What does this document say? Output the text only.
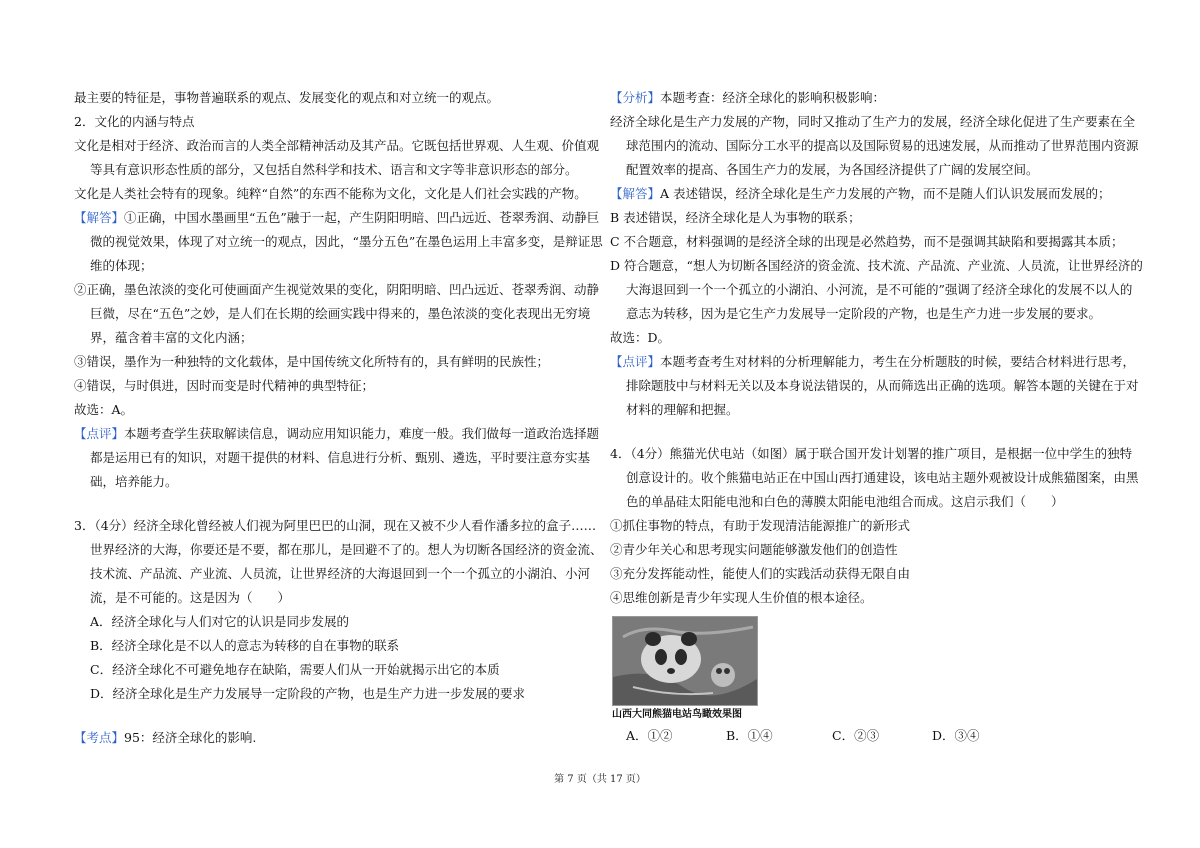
最主要的特征是，事物普遍联系的观点、发展变化的观点和对立统一的观点。
2．文化的内涵与特点
文化是相对于经济、政治而言的人类全部精神活动及其产品。它既包括世界观、人生观、价值观
等具有意识形态性质的部分，又包括自然科学和技术、语言和文字等非意识形态的部分。
文化是人类社会特有的现象。纯粹“自然”的东西不能称为文化，文化是人们社会实践的产物。
【解答】①正确，中国水墨画里“五色”融于一起，产生阴阳明暗、凹凸远近、苍翠秀润、动静巨
微的视觉效果，体现了对立统一的观点，因此，“墨分五色”在墨色运用上丰富多变，是辩证思
维的体现；
②正确，墨色浓淡的变化可使画面产生视觉效果的变化，阴阳明暗、凹凸远近、苍翠秀润、动静
巨微，尽在“五色”之妙，是人们在长期的绘画实践中得来的，墨色浓淡的变化表现出无穷境
界，蕴含着丰富的文化内涵；
③错误，墨作为一种独特的文化载体，是中国传统文化所特有的，具有鲜明的民族性；
④错误，与时俱进，因时而变是时代精神的典型特征；
故选：A。
【点评】本题考查学生获取解读信息，调动应用知识能力，难度一般。我们做每一道政治选择题
都是运用已有的知识，对题干提供的材料、信息进行分析、甄别、遴选，平时要注意夯实基
础，培养能力。
3．（4分）经济全球化曾经被人们视为阿里巴巴的山洞，现在又被不少人看作潘多拉的盒子……
世界经济的大海，你要还是不要，都在那儿，是回避不了的。想人为切断各国经济的资金流、
技术流、产品流、产业流、人员流，让世界经济的大海退回到一个一个孤立的小湖泊、小河
流，是不可能的。这是因为（　　）
A．经济全球化与人们对它的认识是同步发展的
B．经济全球化是不以人的意志为转移的自在事物的联系
C．经济全球化不可避免地存在缺陷，需要人们从一开始就揭示出它的本质
D．经济全球化是生产力发展导一定阶段的产物，也是生产力进一步发展的要求
【考点】95：经济全球化的影响.
【分析】本题考查：经济全球化的影响积极影响：
经济全球化是生产力发展的产物，同时又推动了生产力的发展，经济全球化促进了生产要素在全
球范围内的流动、国际分工水平的提高以及国际贸易的迅速发展，从而推动了世界范围内资源
配置效率的提高、各国生产力的发展，为各国经济提供了广阔的发展空间。
【解答】A 表述错误，经济全球化是生产力发展的产物，而不是随人们认识发展而发展的；
B 表述错误，经济全球化是人为事物的联系；
C 不合题意，材料强调的是经济全球的出现是必然趋势，而不是强调其缺陷和要揭露其本质；
D 符合题意，“想人为切断各国经济的资金流、技术流、产品流、产业流、人员流，让世界经济的
大海退回到一个一个孤立的小湖泊、小河流，是不可能的”强调了经济全球化的发展不以人的
意志为转移，因为是它生产力发展导一定阶段的产物，也是生产力进一步发展的要求。
故选：D。
【点评】本题考查考生对材料的分析理解能力，考生在分析题肢的时候，要结合材料进行思考，
排除题肢中与材料无关以及本身说法错误的，从而筛选出正确的选项。解答本题的关键在于对
材料的理解和把握。
4．（4分）熊猫光伏电站（如图）属于联合国开发计划署的推广项目，是根据一位中学生的独特
创意设计的。收个熊猫电站正在中国山西打通建设，该电站主题外观被设计成熊猫图案，由黑
色的单晶硅太阳能电池和白色的薄膜太阳能电池组合而成。这启示我们（　　）
①抓住事物的特点，有助于发现清洁能源推广的新形式
②青少年关心和思考现实问题能够激发他们的创造性
③充分发挥能动性，能使人们的实践活动获得无限自由
④思维创新是青少年实现人生价值的根本途径。
山西大同熊猫电站鸟瞰效果图
A．①②	B．①④	C．②③	D．③④
第 7 页（共 17 页）
